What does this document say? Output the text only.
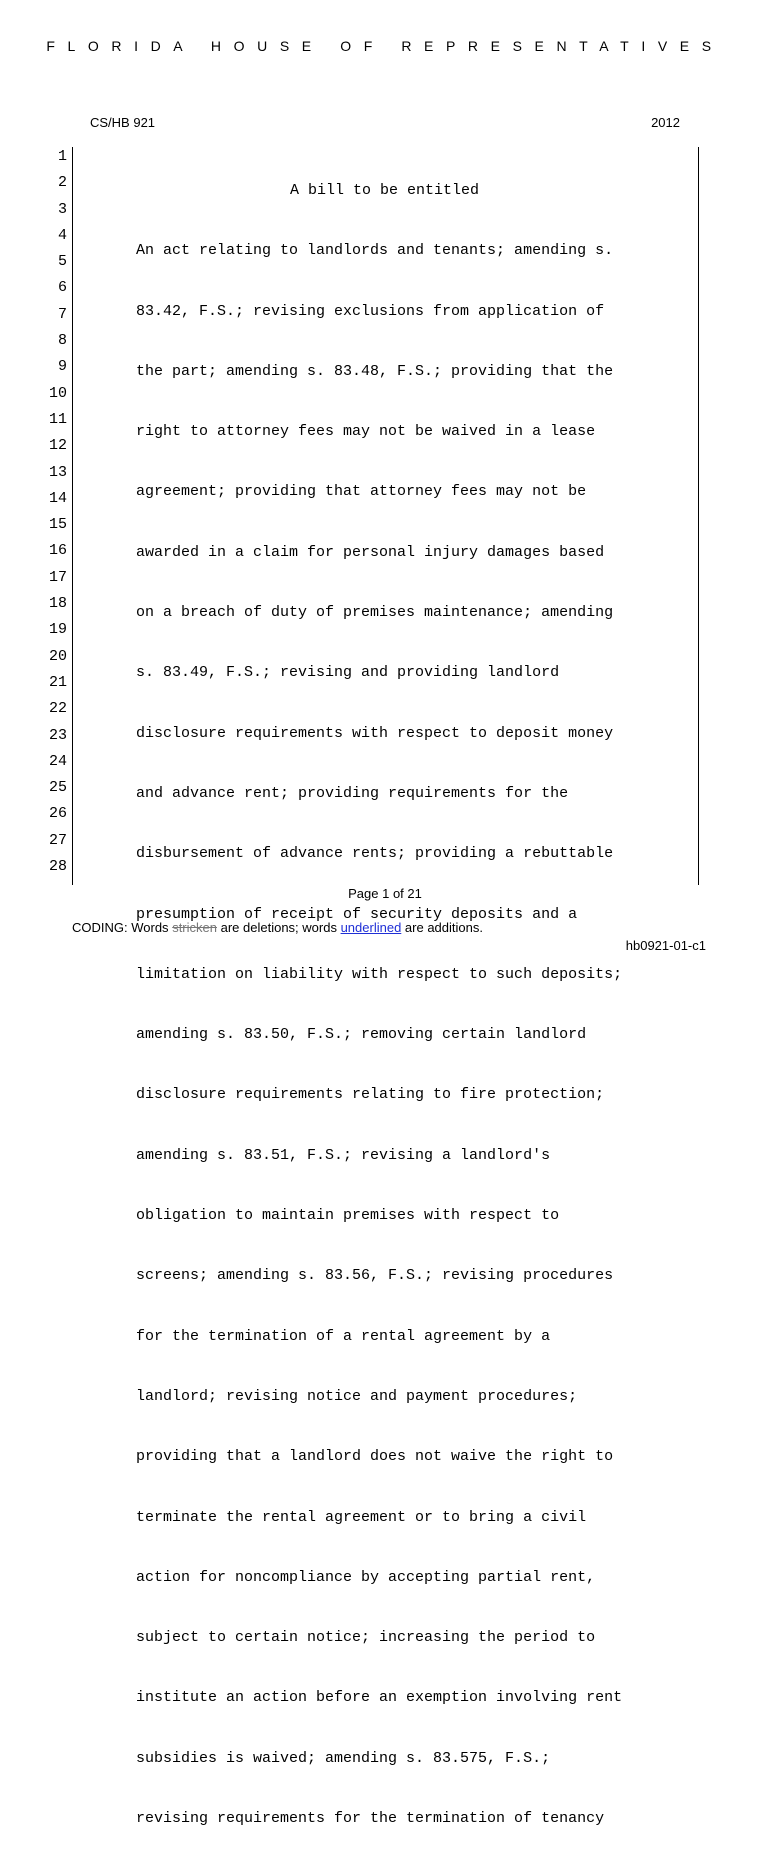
FLORIDA HOUSE OF REPRESENTATIVES
CS/HB 921	2012
1
2
3
4
5
6
7
8
9
10
11
12
13
14
15
16
17
18
19
20
21
22
23
24
25
26
27
28

A bill to be entitled

An act relating to landlords and tenants; amending s.

83.42, F.S.; revising exclusions from application of

the part; amending s. 83.48, F.S.; providing that the

right to attorney fees may not be waived in a lease

agreement; providing that attorney fees may not be

awarded in a claim for personal injury damages based

on a breach of duty of premises maintenance; amending

s. 83.49, F.S.; revising and providing landlord

disclosure requirements with respect to deposit money

and advance rent; providing requirements for the

disbursement of advance rents; providing a rebuttable

presumption of receipt of security deposits and a

limitation on liability with respect to such deposits;

amending s. 83.50, F.S.; removing certain landlord

disclosure requirements relating to fire protection;

amending s. 83.51, F.S.; revising a landlord's

obligation to maintain premises with respect to

screens; amending s. 83.56, F.S.; revising procedures

for the termination of a rental agreement by a

landlord; revising notice and payment procedures;

providing that a landlord does not waive the right to

terminate the rental agreement or to bring a civil

action for noncompliance by accepting partial rent,

subject to certain notice; increasing the period to

institute an action before an exemption involving rent

subsidies is waived; amending s. 83.575, F.S.;

revising requirements for the termination of tenancy

Page 1 of 21
CODING: Words stricken are deletions; words underlined are additions.
hb0921-01-c1
